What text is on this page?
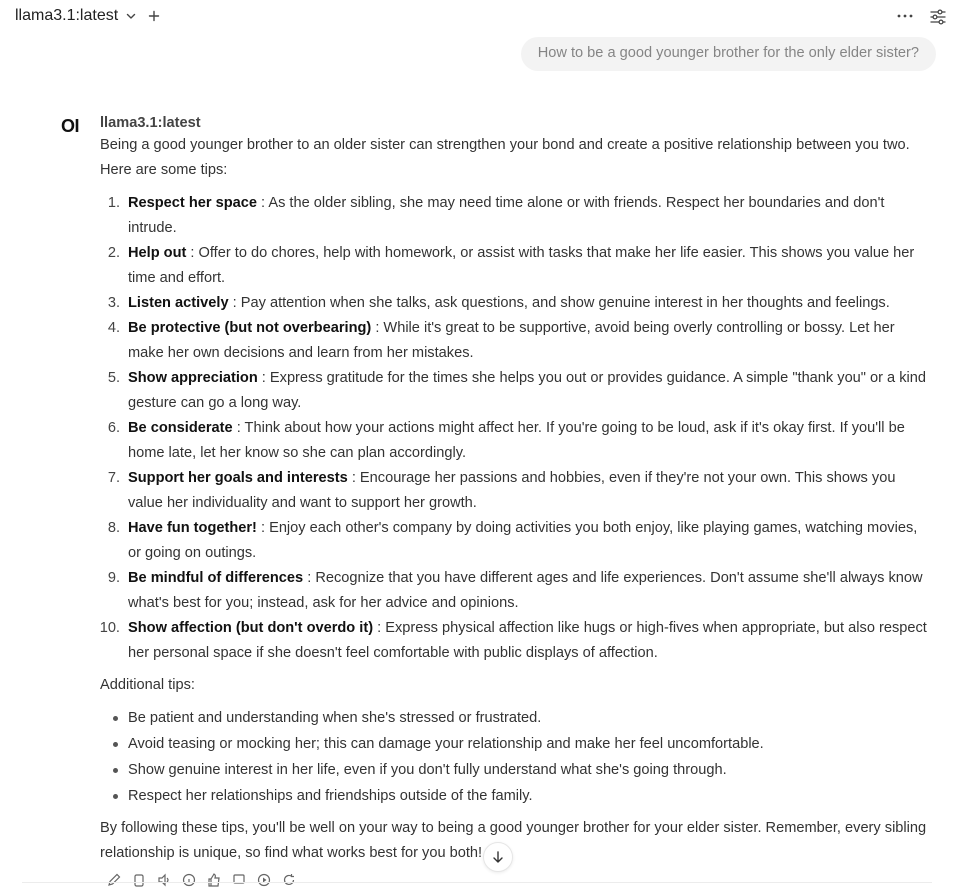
llama3.1:latest
How to be a good younger brother for the only elder sister?
OI llama3.1:latest

Being a good younger brother to an older sister can strengthen your bond and create a positive relationship between you two. Here are some tips:

1. Respect her space : As the older sibling, she may need time alone or with friends. Respect her boundaries and don't intrude.
2. Help out : Offer to do chores, help with homework, or assist with tasks that make her life easier. This shows you value her time and effort.
3. Listen actively : Pay attention when she talks, ask questions, and show genuine interest in her thoughts and feelings.
4. Be protective (but not overbearing) : While it's great to be supportive, avoid being overly controlling or bossy. Let her make her own decisions and learn from her mistakes.
5. Show appreciation : Express gratitude for the times she helps you out or provides guidance. A simple "thank you" or a kind gesture can go a long way.
6. Be considerate : Think about how your actions might affect her. If you're going to be loud, ask if it's okay first. If you'll be home late, let her know so she can plan accordingly.
7. Support her goals and interests : Encourage her passions and hobbies, even if they're not your own. This shows you value her individuality and want to support her growth.
8. Have fun together! : Enjoy each other's company by doing activities you both enjoy, like playing games, watching movies, or going on outings.
9. Be mindful of differences : Recognize that you have different ages and life experiences. Don't assume she'll always know what's best for you; instead, ask for her advice and opinions.
10. Show affection (but don't overdo it) : Express physical affection like hugs or high-fives when appropriate, but also respect her personal space if she doesn't feel comfortable with public displays of affection.

Additional tips:

Be patient and understanding when she's stressed or frustrated.
Avoid teasing or mocking her; this can damage your relationship and make her feel uncomfortable.
Show genuine interest in her life, even if you don't fully understand what she's going through.
Respect her relationships and friendships outside of the family.

By following these tips, you'll be well on your way to being a good younger brother for your elder sister. Remember, every sibling relationship is unique, so find what works best for you both!
